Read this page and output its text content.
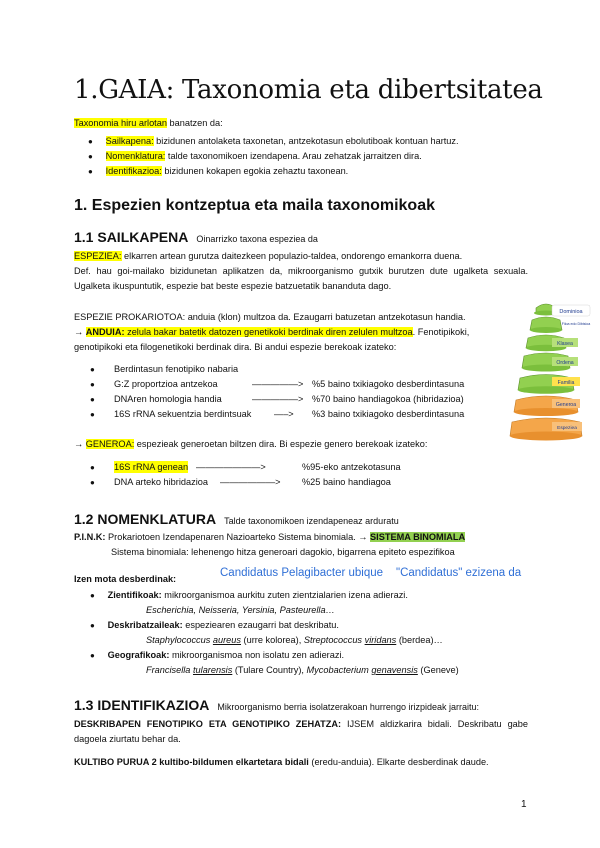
1.GAIA: Taxonomia eta dibertsitatea
Taxonomia hiru arlotan banatzen da:
● Sailkapena: bizidunen antolaketa taxonetan, antzekotasun ebolutiboak kontuan hartuz.
● Nomenklatura: talde taxonomikoen izendapena. Arau zehatzak jarraitzen dira.
● Identifikazioa: bizidunen kokapen egokia zehaztu taxonean.
1. Espezien kontzeptua eta maila taxonomikoak
1.1 SAILKAPENA Oinarrizko taxona espeziea da
ESPEZIEA: elkarren artean gurutza daitezkeen populazio-taldea, ondorengo emankorra duena.
Def. hau goi-mailako bizidunetan aplikatzen da, mikroorganismo gutxik burutzen dute ugalketa sexuala. Ugalketa ikuspuntutik, espezie bat beste espezie batzuetatik bananduta dago.
ESPEZIE PROKARIOTOA: anduia (klon) multzoa da. Ezaugarri batuzetan antzekotasun handia.
→ ANDUIA: zelula bakar batetik datozen genetikoki berdinak diren zelulen multzoa. Fenotipikoki,
genotipikoki eta filogenetikoki berdinak dira. Bi andui espezie berekoak izateko:
● Berdintasun fenotipiko nabaria
● G:Z proportzioa antzekoa	—————> %5 baino txikiagoko desberdintasuna
● DNAren homologia handia	—————> %70 baino handiagokoa (hibridazioa)
● 16S rRNA sekuentzia berdintsuak —–> %3 baino txikiagoko desberdintasuna
→ GENEROA: espezieak generoetan biltzen dira. Bi espezie genero berekoak izateko:
● 16S rRNA genean ———————>	%95-eko antzekotasuna
● DNA arteko hibridazioa ——————> %25 baino handiagoa
Dominioa
Filoa edo Dibisioa
Klasea
Ordena
Familia
Generoa
Espeziea
1.2 NOMENKLATURA Talde taxonomikoen izendapeneaz arduratu
P.I.N.K: Prokariotoen Izendapenaren Nazioarteko Sistema binomiala. → SISTEMA BINOMIALA
Sistema binomiala: lehenengo hitza generoari dagokio, bigarrena epiteto espezifikoa
Izen mota desberdinak:	Candidatus Pelagibacter ubique "Candidatus" ezizena da
● Zientifikoak: mikroorganismoa aurkitu zuten zientzialarien izena adierazi.
Escherichia, Neisseria, Yersinia, Pasteurella…
● Deskribatzaileak: espeziearen ezaugarri bat deskribatu.
Staphylococcus aureus (urre kolorea), Streptococcus viridans (berdea)…
● Geografikoak: mikroorganismoa non isolatu zen adierazi.
Francisella tularensis (Tulare Country), Mycobacterium genavensis (Geneve)
1.3 IDENTIFIKAZIOA Mikroorganismo berria isolatzerakoan hurrengo irizpideak jarraitu:
DESKRIBAPEN FENOTIPIKO ETA GENOTIPIKO ZEHATZA: IJSEM aldizkarira bidali. Deskribatu gabe dagoela ziurtatu behar da.
KULTIBO PURUA 2 kultibo-bildumen elkartetara bidali (eredu-anduia). Elkarte desberdinak daude.
1
